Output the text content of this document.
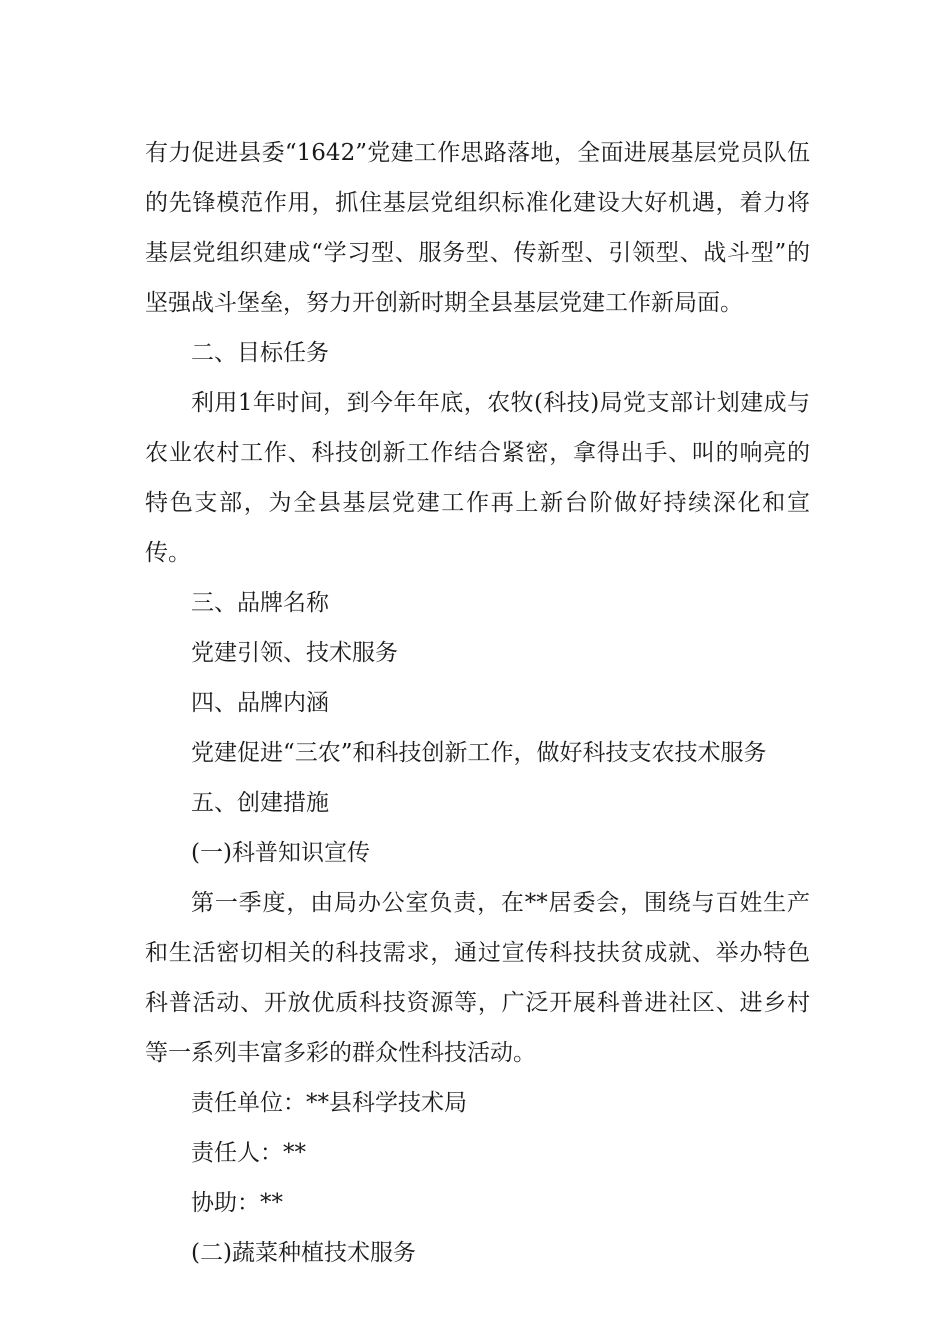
有力促进县委“1642”党建工作思路落地，全面进展基层党员队伍的先锋模范作用，抓住基层党组织标准化建设大好机遇，着力将基层党组织建成“学习型、服务型、传新型、引领型、战斗型”的坚强战斗堡垒，努力开创新时期全县基层党建工作新局面。

二、目标任务

利用1年时间，到今年年底，农牧(科技)局党支部计划建成与农业农村工作、科技创新工作结合紧密，拿得出手、叫的响亮的特色支部，为全县基层党建工作再上新台阶做好持续深化和宣传。

三、品牌名称

党建引领、技术服务

四、品牌内涵

党建促进“三农”和科技创新工作，做好科技支农技术服务

五、创建措施

(一)科普知识宣传

第一季度，由局办公室负责，在**居委会，围绕与百姓生产和生活密切相关的科技需求，通过宣传科技扶贫成就、举办特色科普活动、开放优质科技资源等，广泛开展科普进社区、进乡村等一系列丰富多彩的群众性科技活动。

责任单位：**县科学技术局

责任人：**

协助：**

(二)蔬菜种植技术服务
